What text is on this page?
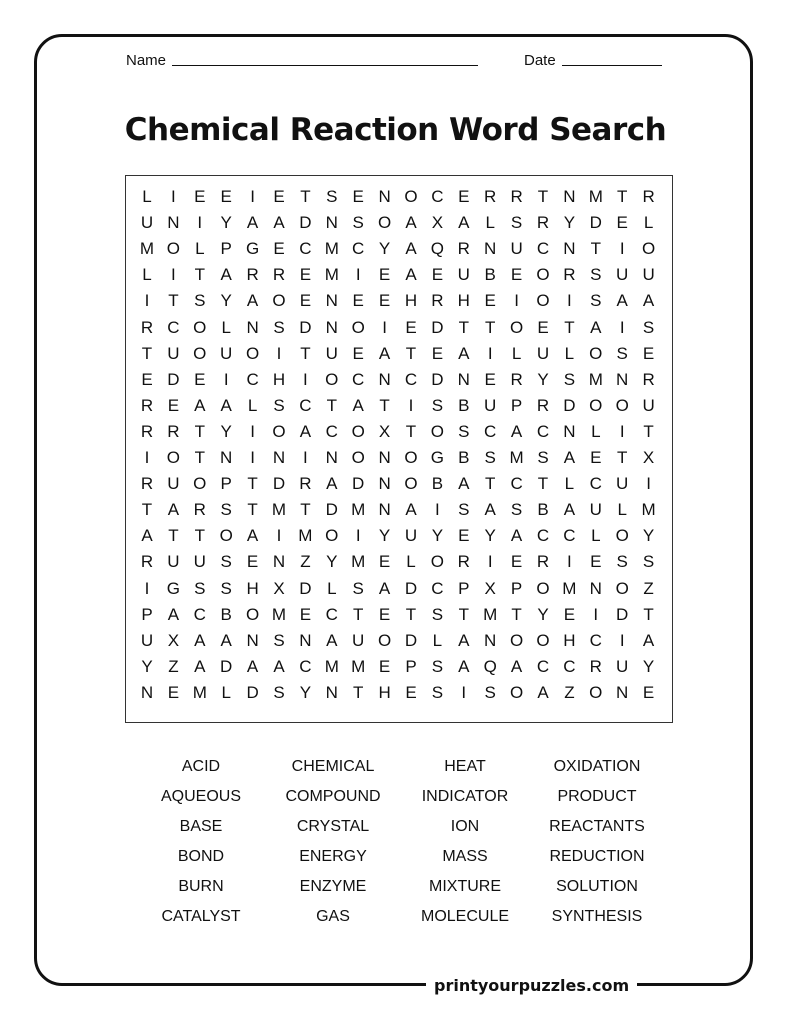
Name	Date
Chemical Reaction Word Search
L	I	E E	I	E T S E N O C E R R T N M T R
U N	I	Y A A D N S O A X A L S R Y D E L
M O L P G E C M C Y A Q R N U C N T	I	O
L	I	T A R R E M I	E A E U B E O R S U U
I	T S Y A O E N E E H R H E	I	O	I	S A A
R C O L N S D N O	I	E D T T O E T A	I	S
T U O U O	I	T U E A T E A	I	L U L O S E
E D E	I	C H	I	O C N C D N E R Y S M N R
R E A A L S C T A T	I	S B U P R D O O U
R R T Y	I	O A C O X T O S C A C N L	I	T
I	O T N	I	N	I	N O N O G B S M S A E T X
R U O P T D R A D N O B A T C T L C U	I
T A R S T M T D M N A	I	S A S B A U L M
A T T O A	I M O	I	Y U Y E Y A C C L O Y
R U U S E N Z Y M E L O R	I	E R	I	E S S
I	G S S H X D L S A D C P X P O M N O Z
P A C B O M E C T E T S T M T Y E	I	D T
U X A A N S N A U O D L A N O O H C	I	A
Y Z A D A A C M M E P S A Q A C C R U Y
N E M L D S Y N T H E S	I	S O A Z O N E
ACID	CHEMICAL	HEAT	OXIDATION
AQUEOUS	COMPOUND	INDICATOR	PRODUCT
BASE	CRYSTAL	ION	REACTANTS
BOND	ENERGY	MASS	REDUCTION
BURN	ENZYME	MIXTURE	SOLUTION
CATALYST	GAS	MOLECULE	SYNTHESIS
printyourpuzzles.com
